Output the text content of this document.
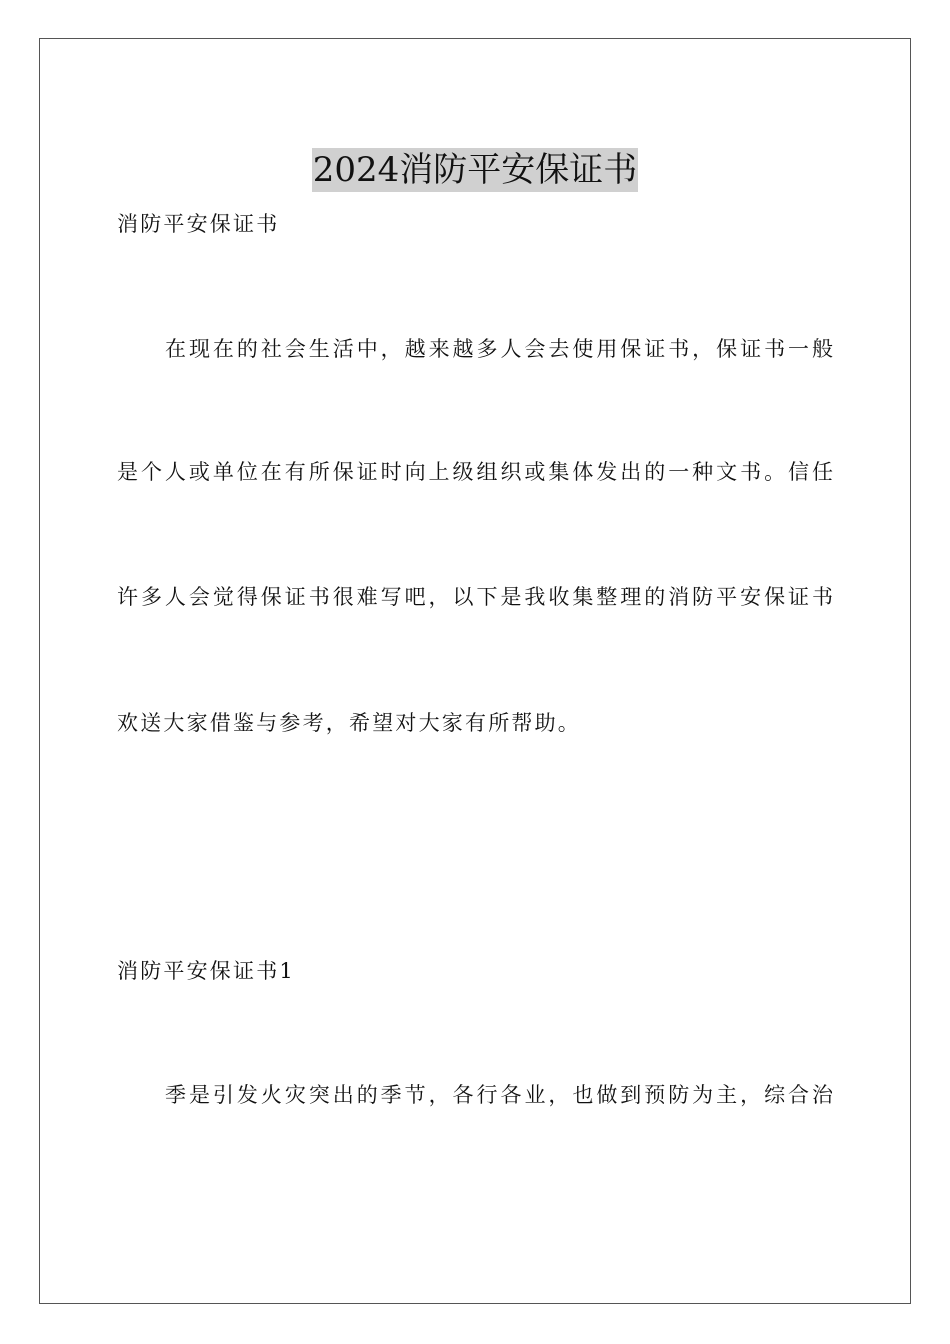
2024消防平安保证书
消防平安保证书
在现在的社会生活中，越来越多人会去使用保证书，保证书一般
是个人或单位在有所保证时向上级组织或集体发出的一种文书。信任
许多人会觉得保证书很难写吧，以下是我收集整理的消防平安保证书
欢送大家借鉴与参考，希望对大家有所帮助。
消防平安保证书1
季是引发火灾突出的季节，各行各业，也做到预防为主，综合治
